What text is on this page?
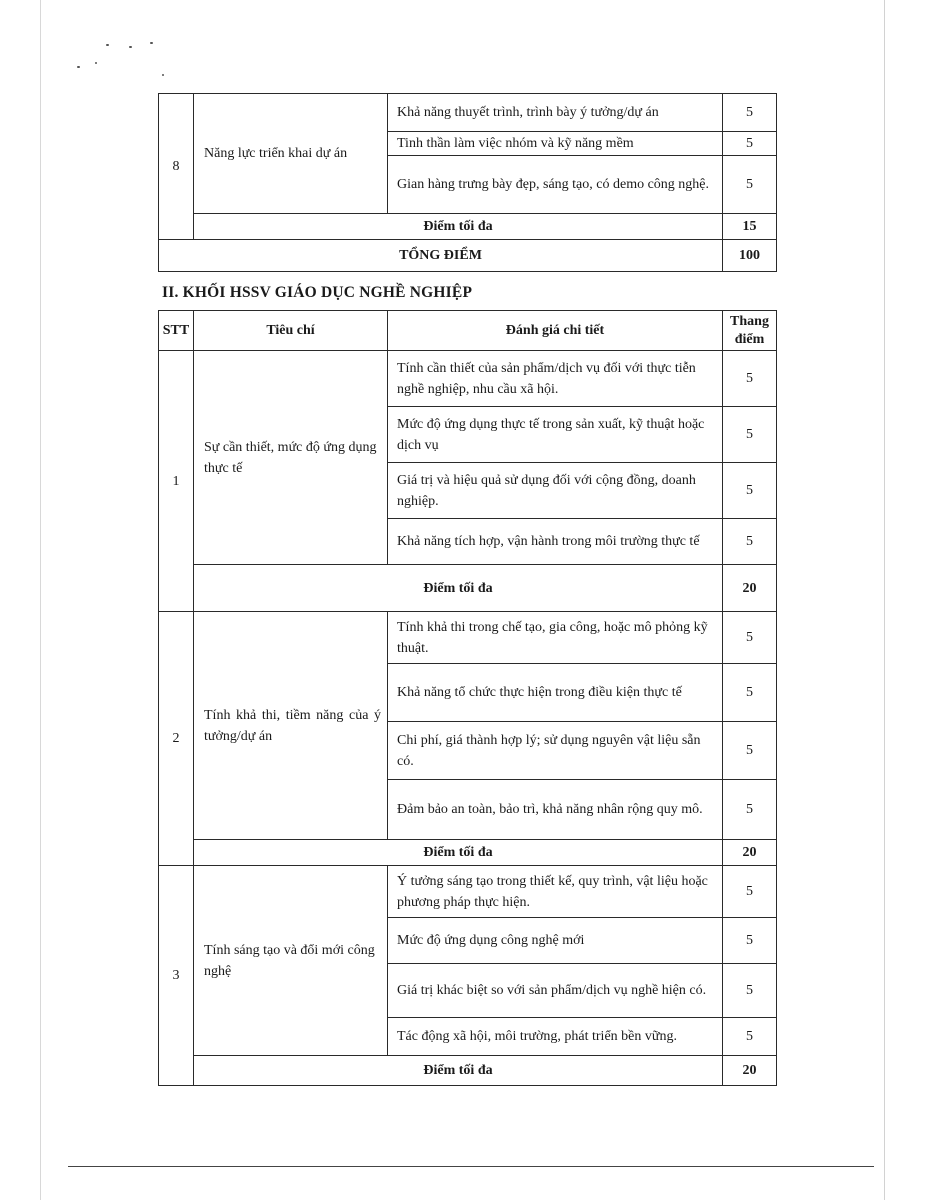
8	Năng lực triển khai dự án	Khả năng thuyết trình, trình bày ý tưởng/dự án	5
		Tinh thần làm việc nhóm và kỹ năng mềm	5
		Gian hàng trưng bày đẹp, sáng tạo, có demo công nghệ.	5
	Điểm tối đa		15
TỔNG ĐIỂM			100
II. KHỐI HSSV GIÁO DỤC NGHỀ NGHIỆP
STT	Tiêu chí	Đánh giá chi tiết	Thang điểm
1	Sự cần thiết, mức độ ứng dụng thực tế	Tính cần thiết của sản phẩm/dịch vụ đối với thực tiễn nghề nghiệp, nhu cầu xã hội.	5
		Mức độ ứng dụng thực tế trong sản xuất, kỹ thuật hoặc dịch vụ	5
		Giá trị và hiệu quả sử dụng đối với cộng đồng, doanh nghiệp.	5
		Khả năng tích hợp, vận hành trong môi trường thực tế	5
	Điểm tối đa		20
2	Tính khả thi, tiềm năng của ý tưởng/dự án	Tính khả thi trong chế tạo, gia công, hoặc mô phỏng kỹ thuật.	5
		Khả năng tổ chức thực hiện trong điều kiện thực tế	5
		Chi phí, giá thành hợp lý; sử dụng nguyên vật liệu sẵn có.	5
		Đảm bảo an toàn, bảo trì, khả năng nhân rộng quy mô.	5
	Điểm tối đa		20
3	Tính sáng tạo và đổi mới công nghệ	Ý tưởng sáng tạo trong thiết kế, quy trình, vật liệu hoặc phương pháp thực hiện.	5
		Mức độ ứng dụng công nghệ mới	5
		Giá trị khác biệt so với sản phẩm/dịch vụ nghề hiện có.	5
		Tác động xã hội, môi trường, phát triển bền vững.	5
	Điểm tối đa		20
